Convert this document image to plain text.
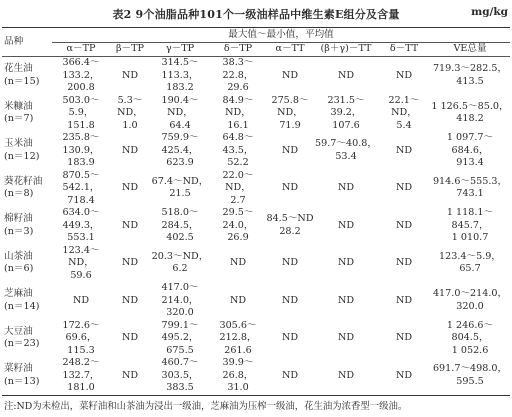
表2 9个油脂品种101个一级油样品中维生素E组分及含量	mg/kg
品种	最大值～最小值，平均值							
	α－TP	β－TP	γ－TP	δ－TP	α－TT	(β＋γ)－TT	δ－TT	VE总量

花生油
(n＝15)	366.4～133.2，
200.8	ND	314.5～113.3，
183.2	38.3～22.8，
29.6	ND	ND	ND	719.3～282.5，
413.5

米糠油
(n＝7)	503.0～5.9，
151.8	5.3～ND，
1.0	190.4～ND，
64.4	84.9～ND，
16.1	275.8～ND，
71.9	231.5～39.2，
107.6	22.1～ND，
5.4	1 126.5～85.0，
418.2

玉米油
(n＝12)	235.8～130.9，
183.9	ND	759.9～425.4，
623.9	64.8～43.5，
52.2	ND	59.7～40.8，
53.4	ND	1 097.7～684.6，
913.4

葵花籽油
(n＝8)	870.5～542.1，
718.4	ND	67.4～ND，
21.5	22.0～ND，
2.7	ND	ND	ND	914.6～555.3，
743.1

棉籽油
(n＝3)	634.0～449.3，
553.1	ND	518.0～284.5，
402.5	29.5～24.0，
26.9	84.5～ND
28.2	ND	ND	1 118.1～845.7，
1 010.7

山茶油
(n＝6)	123.4～ND，
59.6	ND	20.3～ND，
6.2	ND	ND	ND	ND	123.4～5.9，
65.7

芝麻油
(n＝14)	ND	ND	417.0～214.0，
320.0	ND	ND	ND	ND	417.0～214.0，
320.0

大豆油
(n＝23)	172.6～69.6，
115.3	ND	799.1～495.2，
675.5	305.6～212.8，
261.6	ND	ND	ND	1 246.6～804.5，
1 052.6

菜籽油
(n＝13)	248.2～132.7，
181.0	ND	460.7～303.5，
383.5	39.9～26.8，
31.0	ND	ND	ND	691.7～498.0，
595.5
注:ND为未检出，菜籽油和山茶油为浸出一级油，芝麻油为压榨一级油，花生油为浓香型一级油。
